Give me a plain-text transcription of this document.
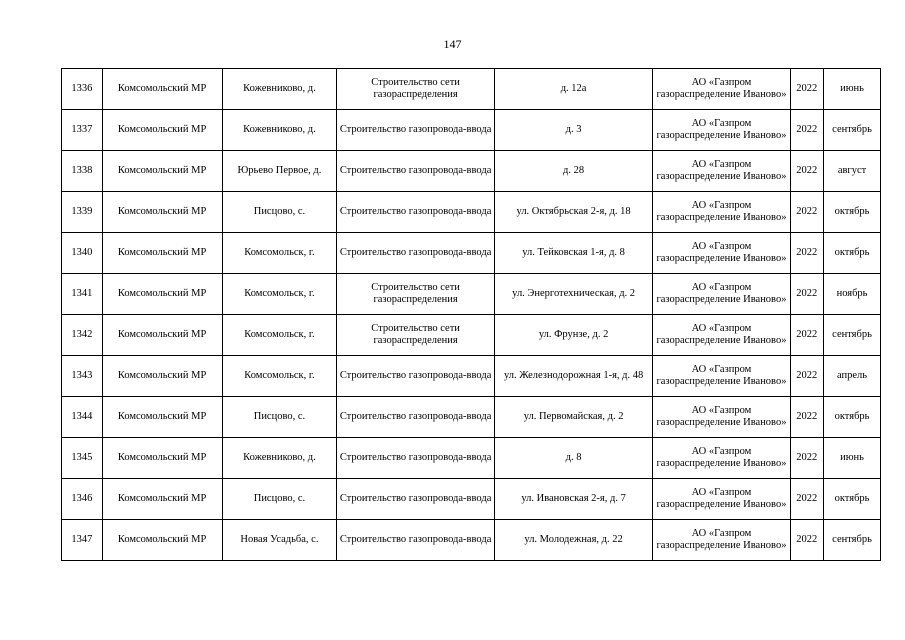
147
1336	Комсомольский МР	Кожевниково, д.	Строительство сети газораспределения	д. 12а	АО «Газпром газораспределение Иваново»	2022	июнь
1337	Комсомольский МР	Кожевниково, д.	Строительство газопровода-ввода	д. 3	АО «Газпром газораспределение Иваново»	2022	сентябрь
1338	Комсомольский МР	Юрьево Первое, д.	Строительство газопровода-ввода	д. 28	АО «Газпром газораспределение Иваново»	2022	август
1339	Комсомольский МР	Писцово, с.	Строительство газопровода-ввода	ул. Октябрьская 2-я, д. 18	АО «Газпром газораспределение Иваново»	2022	октябрь
1340	Комсомольский МР	Комсомольск, г.	Строительство газопровода-ввода	ул. Тейковская 1-я, д. 8	АО «Газпром газораспределение Иваново»	2022	октябрь
1341	Комсомольский МР	Комсомольск, г.	Строительство сети газораспределения	ул. Энерготехническая, д. 2	АО «Газпром газораспределение Иваново»	2022	ноябрь
1342	Комсомольский МР	Комсомольск, г.	Строительство сети газораспределения	ул. Фрунзе, д. 2	АО «Газпром газораспределение Иваново»	2022	сентябрь
1343	Комсомольский МР	Комсомольск, г.	Строительство газопровода-ввода	ул. Железнодорожная 1-я, д. 48	АО «Газпром газораспределение Иваново»	2022	апрель
1344	Комсомольский МР	Писцово, с.	Строительство газопровода-ввода	ул. Первомайская, д. 2	АО «Газпром газораспределение Иваново»	2022	октябрь
1345	Комсомольский МР	Кожевниково, д.	Строительство газопровода-ввода	д. 8	АО «Газпром газораспределение Иваново»	2022	июнь
1346	Комсомольский МР	Писцово, с.	Строительство газопровода-ввода	ул. Ивановская 2-я, д. 7	АО «Газпром газораспределение Иваново»	2022	октябрь
1347	Комсомольский МР	Новая Усадьба, с.	Строительство газопровода-ввода	ул. Молодежная, д. 22	АО «Газпром газораспределение Иваново»	2022	сентябрь
